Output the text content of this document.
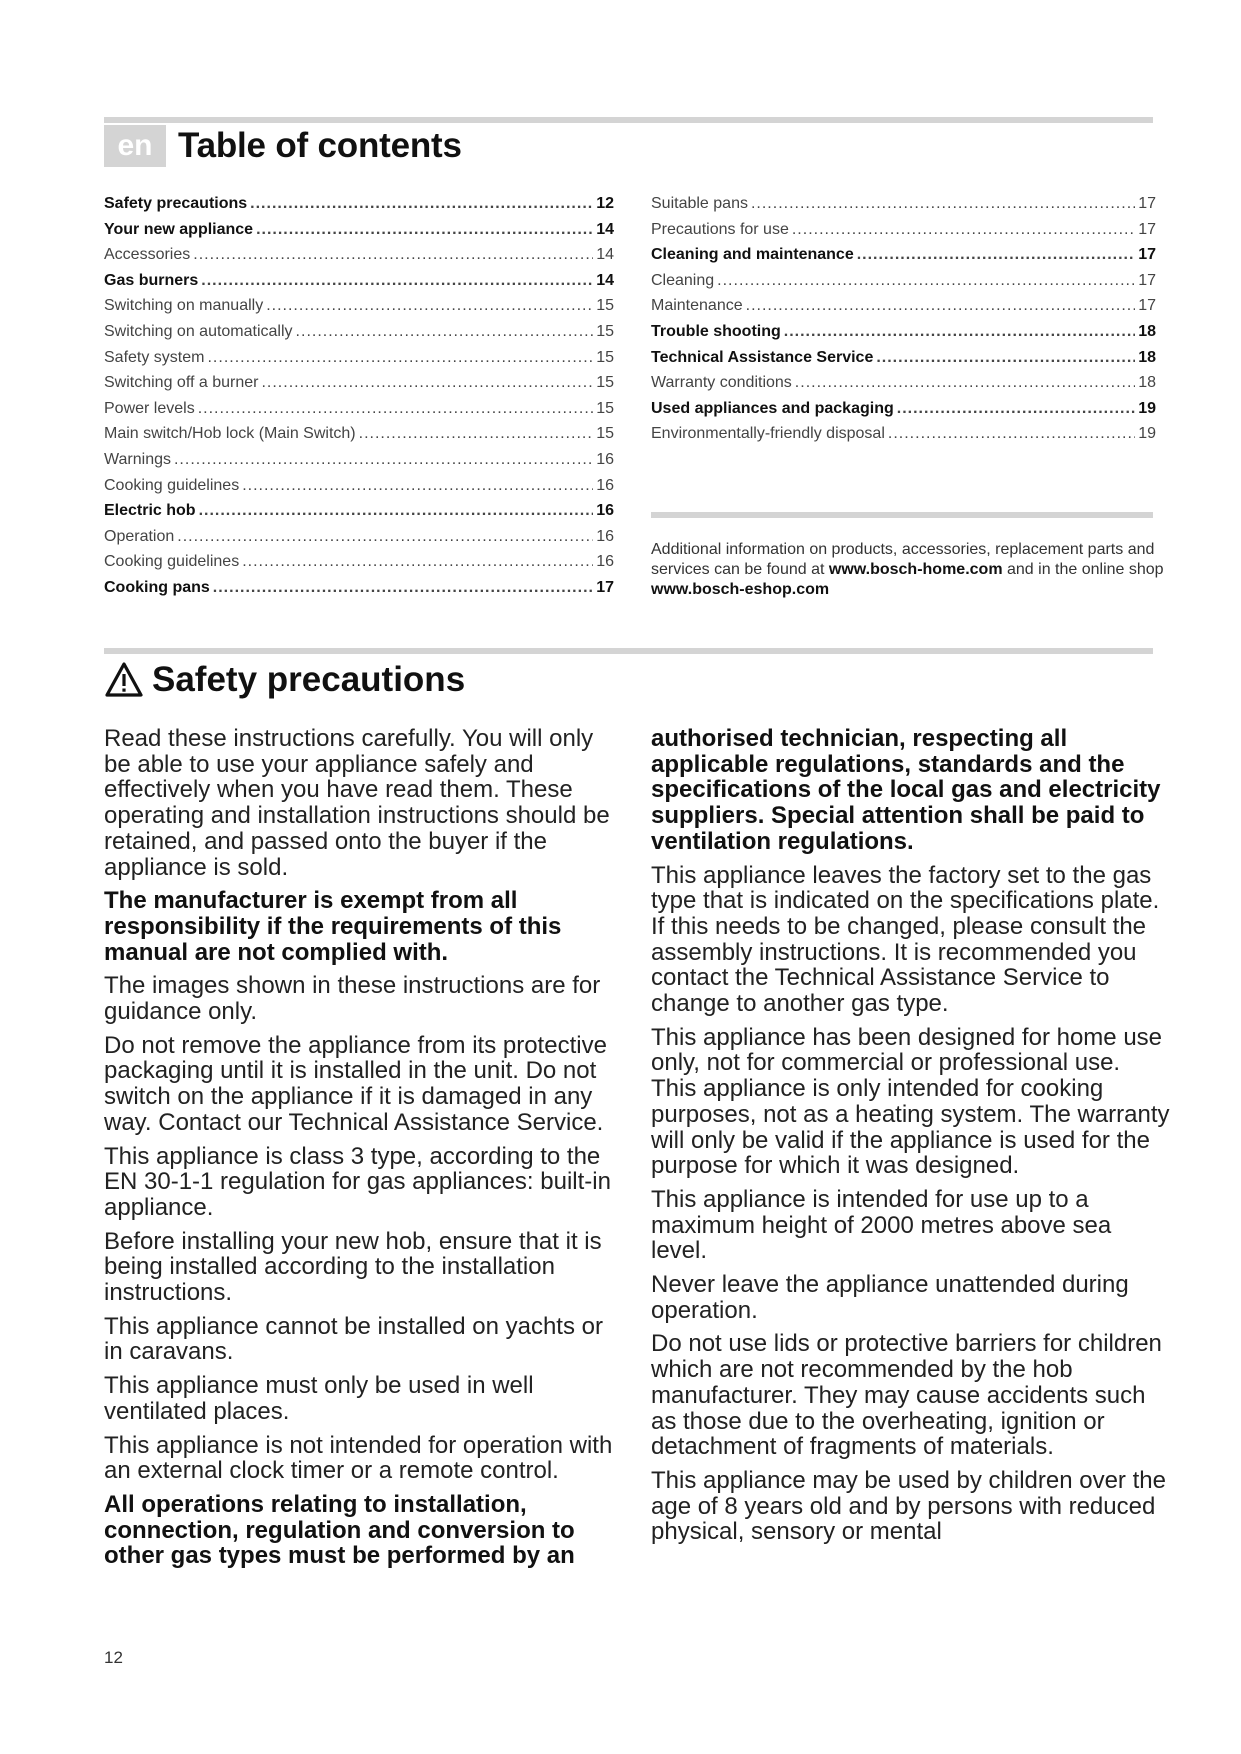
en Table of contents
Safety precautions .....	12
Your new appliance .....	14
Accessories .....	14
Gas burners .....	14
Switching on manually .....	15
Switching on automatically .....	15
Safety system .....	15
Switching off a burner .....	15
Power levels .....	15
Main switch/Hob lock (Main Switch) .....	15
Warnings .....	16
Cooking guidelines .....	16
Electric hob .....	16
Operation .....	16
Cooking guidelines .....	16
Cooking pans .....	17
Suitable pans .....	17
Precautions for use .....	17
Cleaning and maintenance .....	17
Cleaning .....	17
Maintenance .....	17
Trouble shooting .....	18
Technical Assistance Service .....	18
Warranty conditions .....	18
Used appliances and packaging .....	19
Environmentally-friendly disposal .....	19
Additional information on products, accessories, replacement parts and services can be found at www.bosch-home.com and in the online shop www.bosch-eshop.com
Safety precautions

Read these instructions carefully. You will only be able to use your appliance safely and effectively when you have read them. These operating and installation instructions should be retained, and passed onto the buyer if the appliance is sold.

The manufacturer is exempt from all responsibility if the requirements of this manual are not complied with.

The images shown in these instructions are for guidance only.

Do not remove the appliance from its protective packaging until it is installed in the unit. Do not switch on the appliance if it is damaged in any way. Contact our Technical Assistance Service.

This appliance is class 3 type, according to the EN 30-1-1 regulation for gas appliances: built-in appliance.

Before installing your new hob, ensure that it is being installed according to the installation instructions.

This appliance cannot be installed on yachts or in caravans.

This appliance must only be used in well ventilated places.

This appliance is not intended for operation with an external clock timer or a remote control.

All operations relating to installation, connection, regulation and conversion to other gas types must be performed by an

authorised technician, respecting all applicable regulations, standards and the specifications of the local gas and electricity suppliers. Special attention shall be paid to ventilation regulations.

This appliance leaves the factory set to the gas type that is indicated on the specifications plate. If this needs to be changed, please consult the assembly instructions. It is recommended you contact the Technical Assistance Service to change to another gas type.

This appliance has been designed for home use only, not for commercial or professional use. This appliance is only intended for cooking purposes, not as a heating system. The warranty will only be valid if the appliance is used for the purpose for which it was designed.

This appliance is intended for use up to a maximum height of 2000 metres above sea level.

Never leave the appliance unattended during operation.

Do not use lids or protective barriers for children which are not recommended by the hob manufacturer. They may cause accidents such as those due to the overheating, ignition or detachment of fragments of materials.

This appliance may be used by children over the age of 8 years old and by persons with reduced physical, sensory or mental

12
